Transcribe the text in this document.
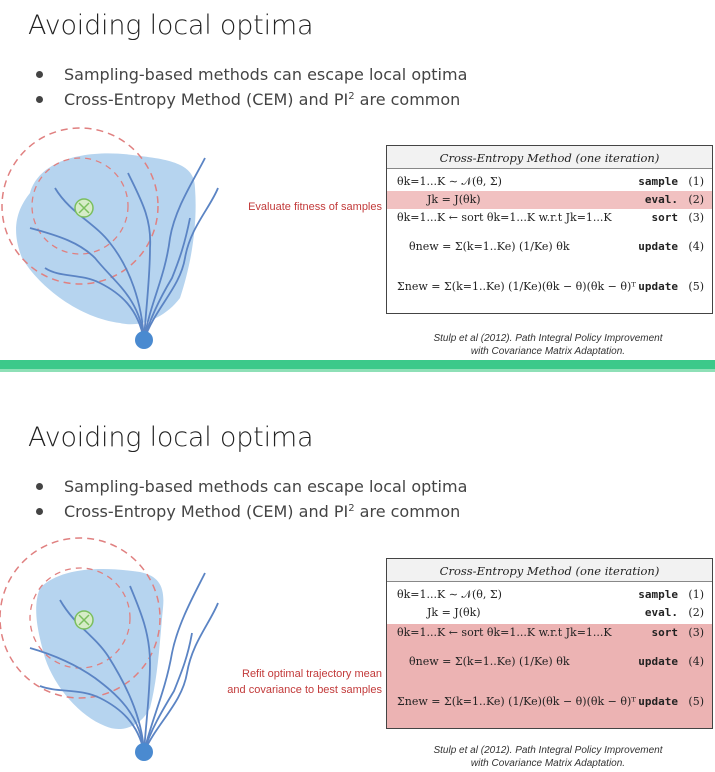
Avoiding local optima
Sampling-based methods can escape local optima
Cross-Entropy Method (CEM) and $PI^2$ are common
Evaluate fitness of samples
Cross-Entropy Method (one iteration)
θk=1...K ∼ 𝒩(θ, Σ)	sample (1)
Jk = J(θk)	eval. (2)
θk=1...K ← sort θk=1...K w.r.t Jk=1...K	sort (3)
θnew = Σ(k=1..Ke) (1/Ke) θk	update (4)
Σnew = Σ(k=1..Ke) (1/Ke)(θk − θ)(θk − θ)ᵀ update (5)
Stulp et al (2012). Path Integral Policy Improvement
with Covariance Matrix Adaptation.
Avoiding local optima
Sampling-based methods can escape local optima
Cross-Entropy Method (CEM) and $PI^2$ are common
Refit optimal trajectory mean
and covariance to best samples
Cross-Entropy Method (one iteration)
θk=1...K ∼ 𝒩(θ, Σ)	sample (1)
Jk = J(θk)	eval. (2)
θk=1...K ← sort θk=1...K w.r.t Jk=1...K	sort (3)
θnew = Σ(k=1..Ke) (1/Ke) θk	update (4)
Σnew = Σ(k=1..Ke) (1/Ke)(θk − θ)(θk − θ)ᵀ update (5)
Stulp et al (2012). Path Integral Policy Improvement
with Covariance Matrix Adaptation.
